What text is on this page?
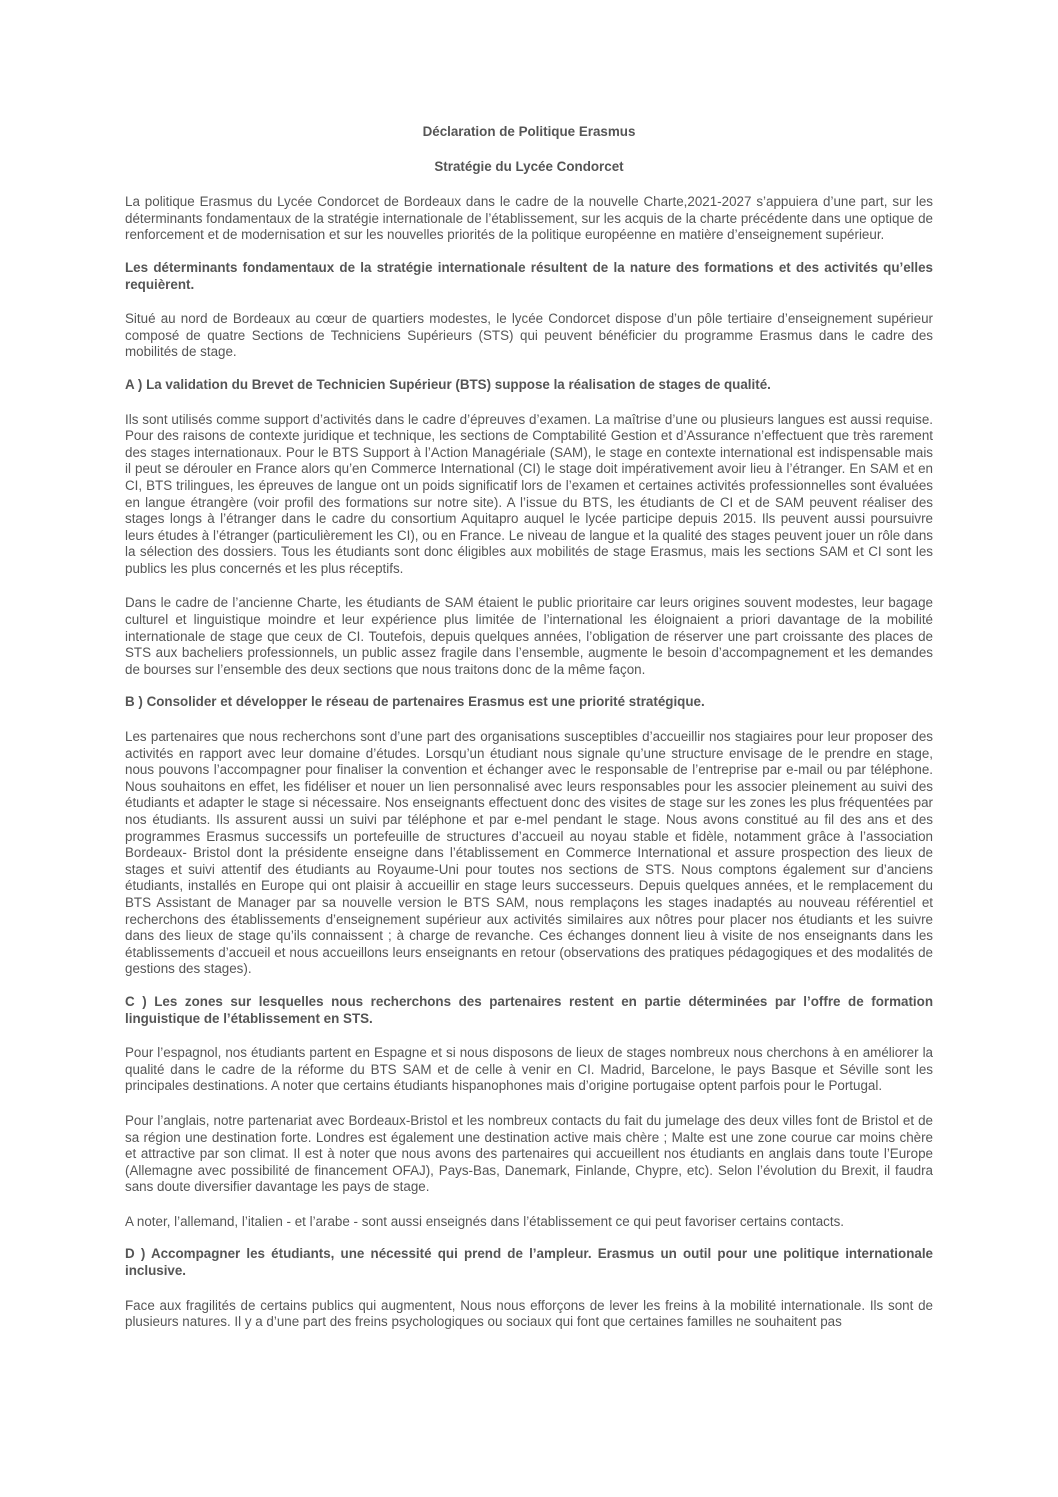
Déclaration de Politique Erasmus

Stratégie du Lycée Condorcet

La politique Erasmus du Lycée Condorcet de Bordeaux dans le cadre de la nouvelle Charte,2021-2027 s’appuiera d’une part, sur les déterminants fondamentaux de la stratégie internationale de l’établissement, sur les acquis de la charte précédente dans une optique de renforcement et de modernisation et sur les nouvelles priorités de la politique européenne en matière d’enseignement supérieur.

Les déterminants fondamentaux de la stratégie internationale résultent de la nature des formations et des activités qu’elles requièrent.

Situé au nord de Bordeaux au cœur de quartiers modestes, le lycée Condorcet dispose d’un pôle tertiaire d’enseignement supérieur composé de quatre Sections de Techniciens Supérieurs (STS) qui peuvent bénéficier du programme Erasmus dans le cadre des mobilités de stage.

A ) La validation du Brevet de Technicien Supérieur (BTS) suppose la réalisation de stages de qualité.

Ils sont utilisés comme support d’activités dans le cadre d’épreuves d’examen. La maîtrise d’une ou plusieurs langues est aussi requise. Pour des raisons de contexte juridique et technique, les sections de Comptabilité Gestion et d’Assurance n’effectuent que très rarement des stages internationaux. Pour le BTS Support à l’Action Managériale (SAM), le stage en contexte international est indispensable mais il peut se dérouler en France alors qu’en Commerce International (CI) le stage doit impérativement avoir lieu à l’étranger. En SAM et en CI, BTS trilingues, les épreuves de langue ont un poids significatif lors de l’examen et certaines activités professionnelles sont évaluées en langue étrangère (voir profil des formations sur notre site). A l’issue du BTS, les étudiants de CI et de SAM peuvent réaliser des stages longs à l’étranger dans le cadre du consortium Aquitapro auquel le lycée participe depuis 2015. Ils peuvent aussi poursuivre leurs études à l’étranger (particulièrement les CI), ou en France. Le niveau de langue et la qualité des stages peuvent jouer un rôle dans la sélection des dossiers. Tous les étudiants sont donc éligibles aux mobilités de stage Erasmus, mais les sections SAM et CI sont les publics les plus concernés et les plus réceptifs.

Dans le cadre de l’ancienne Charte, les étudiants de SAM étaient le public prioritaire car leurs origines souvent modestes, leur bagage culturel et linguistique moindre et leur expérience plus limitée de l’international les éloignaient a priori davantage de la mobilité internationale de stage que ceux de CI. Toutefois, depuis quelques années, l’obligation de réserver une part croissante des places de STS aux bacheliers professionnels, un public assez fragile dans l’ensemble, augmente le besoin d’accompagnement et les demandes de bourses sur l’ensemble des deux sections que nous traitons donc de la même façon.

B ) Consolider et développer le réseau de partenaires Erasmus est une priorité stratégique.

Les partenaires que nous recherchons sont d’une part des organisations susceptibles d’accueillir nos stagiaires pour leur proposer des activités en rapport avec leur domaine d’études. Lorsqu’un étudiant nous signale qu’une structure envisage de le prendre en stage, nous pouvons l’accompagner pour finaliser la convention et échanger avec le responsable de l’entreprise par e-mail ou par téléphone. Nous souhaitons en effet, les fidéliser et nouer un lien personnalisé avec leurs responsables pour les associer pleinement au suivi des étudiants et adapter le stage si nécessaire. Nos enseignants effectuent donc des visites de stage sur les zones les plus fréquentées par nos étudiants. Ils assurent aussi un suivi par téléphone et par e-mel pendant le stage. Nous avons constitué au fil des ans et des programmes Erasmus successifs un portefeuille de structures d’accueil au noyau stable et fidèle, notamment grâce à l’association Bordeaux- Bristol dont la présidente enseigne dans l’établissement en Commerce International et assure prospection des lieux de stages et suivi attentif des étudiants au Royaume-Uni pour toutes nos sections de STS. Nous comptons également sur d’anciens étudiants, installés en Europe qui ont plaisir à accueillir en stage leurs successeurs. Depuis quelques années, et le remplacement du BTS Assistant de Manager par sa nouvelle version le BTS SAM, nous remplaçons les stages inadaptés au nouveau référentiel et recherchons des établissements d’enseignement supérieur aux activités similaires aux nôtres pour placer nos étudiants et les suivre dans des lieux de stage qu’ils connaissent ; à charge de revanche. Ces échanges donnent lieu à visite de nos enseignants dans les établissements d’accueil et nous accueillons leurs enseignants en retour (observations des pratiques pédagogiques et des modalités de gestions des stages).

C ) Les zones sur lesquelles nous recherchons des partenaires restent en partie déterminées par l’offre de formation linguistique de l’établissement en STS.

Pour l’espagnol, nos étudiants partent en Espagne et si nous disposons de lieux de stages nombreux nous cherchons à en améliorer la qualité dans le cadre de la réforme du BTS SAM et de celle à venir en CI. Madrid, Barcelone, le pays Basque et Séville sont les principales destinations. A noter que certains étudiants hispanophones mais d’origine portugaise optent parfois pour le Portugal.

Pour l’anglais, notre partenariat avec Bordeaux-Bristol et les nombreux contacts du fait du jumelage des deux villes font de Bristol et de sa région une destination forte. Londres est également une destination active mais chère ; Malte est une zone courue car moins chère et attractive par son climat. Il est à noter que nous avons des partenaires qui accueillent nos étudiants en anglais dans toute l’Europe (Allemagne avec possibilité de financement OFAJ), Pays-Bas, Danemark, Finlande, Chypre, etc). Selon l’évolution du Brexit, il faudra sans doute diversifier davantage les pays de stage.

A noter, l’allemand, l’italien - et l’arabe - sont aussi enseignés dans l’établissement ce qui peut favoriser certains contacts.

D ) Accompagner les étudiants, une nécessité qui prend de l’ampleur. Erasmus un outil pour une politique internationale inclusive.

Face aux fragilités de certains publics qui augmentent, Nous nous efforçons de lever les freins à la mobilité internationale. Ils sont de plusieurs natures. Il y a d’une part des freins psychologiques ou sociaux qui font que certaines familles ne souhaitent pas
